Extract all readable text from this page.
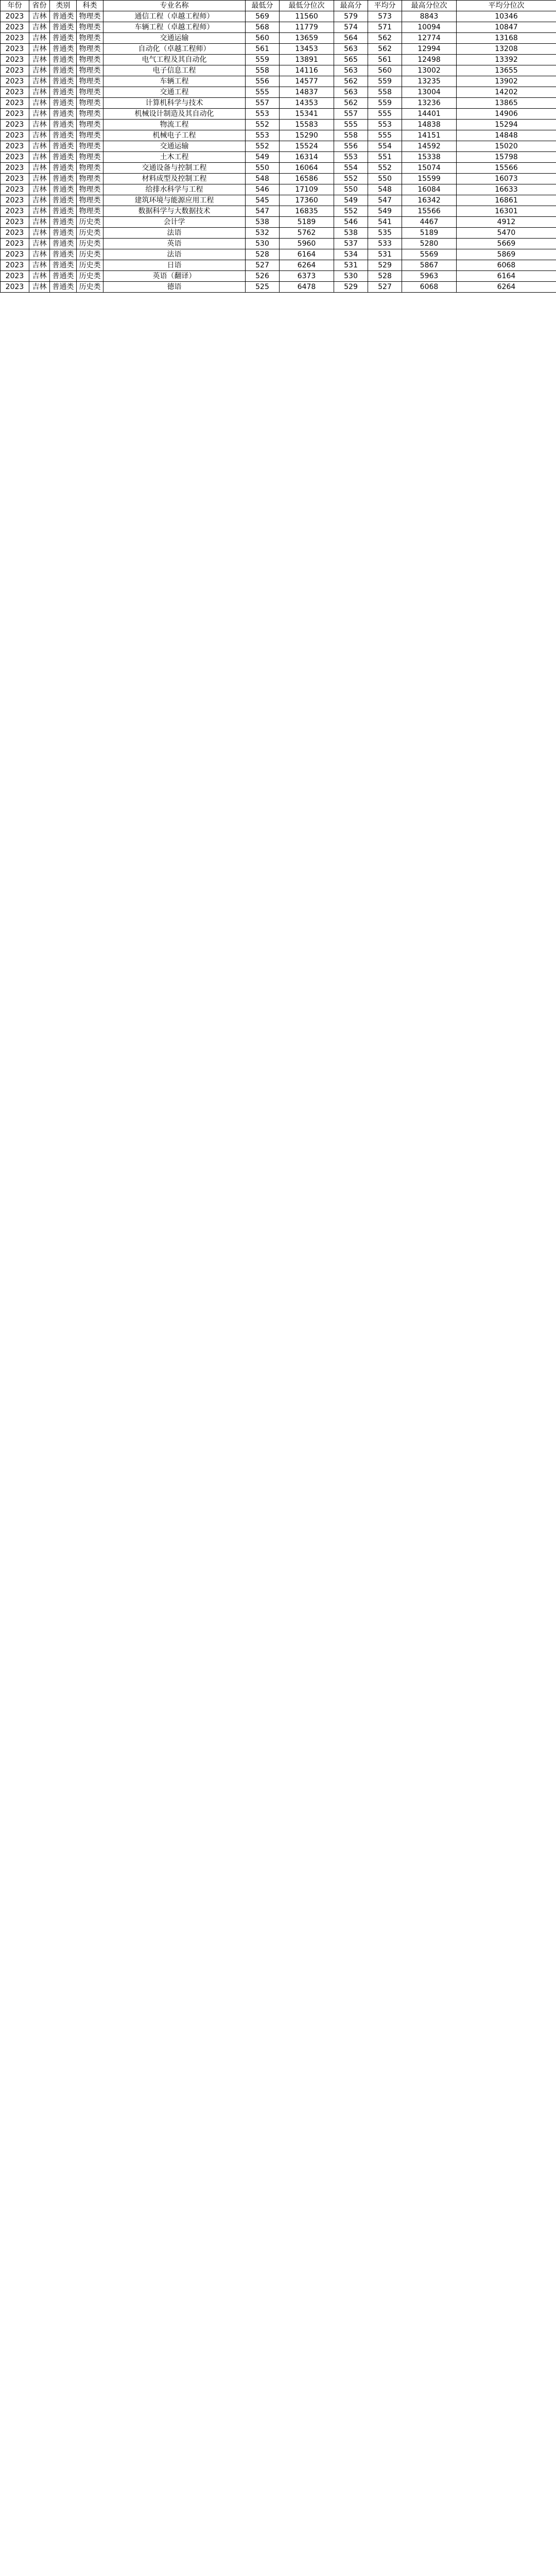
年份	省份	类别	科类	专业名称	最低分	最低分位次	最高分	平均分	最高分位次	平均分位次
2023	吉林	普通类	物理类	通信工程（卓越工程师）	569	11560	579	573	8843	10346
2023	吉林	普通类	物理类	车辆工程（卓越工程师）	568	11779	574	571	10094	10847
2023	吉林	普通类	物理类	交通运输	560	13659	564	562	12774	13168
2023	吉林	普通类	物理类	自动化（卓越工程师）	561	13453	563	562	12994	13208
2023	吉林	普通类	物理类	电气工程及其自动化	559	13891	565	561	12498	13392
2023	吉林	普通类	物理类	电子信息工程	558	14116	563	560	13002	13655
2023	吉林	普通类	物理类	车辆工程	556	14577	562	559	13235	13902
2023	吉林	普通类	物理类	交通工程	555	14837	563	558	13004	14202
2023	吉林	普通类	物理类	计算机科学与技术	557	14353	562	559	13236	13865
2023	吉林	普通类	物理类	机械设计制造及其自动化	553	15341	557	555	14401	14906
2023	吉林	普通类	物理类	物流工程	552	15583	555	553	14838	15294
2023	吉林	普通类	物理类	机械电子工程	553	15290	558	555	14151	14848
2023	吉林	普通类	物理类	交通运输	552	15524	556	554	14592	15020
2023	吉林	普通类	物理类	土木工程	549	16314	553	551	15338	15798
2023	吉林	普通类	物理类	交通设备与控制工程	550	16064	554	552	15074	15566
2023	吉林	普通类	物理类	材料成型及控制工程	548	16586	552	550	15599	16073
2023	吉林	普通类	物理类	给排水科学与工程	546	17109	550	548	16084	16633
2023	吉林	普通类	物理类	建筑环境与能源应用工程	545	17360	549	547	16342	16861
2023	吉林	普通类	物理类	数据科学与大数据技术	547	16835	552	549	15566	16301
2023	吉林	普通类	历史类	会计学	538	5189	546	541	4467	4912
2023	吉林	普通类	历史类	法语	532	5762	538	535	5189	5470
2023	吉林	普通类	历史类	英语	530	5960	537	533	5280	5669
2023	吉林	普通类	历史类	法语	528	6164	534	531	5569	5869
2023	吉林	普通类	历史类	日语	527	6264	531	529	5867	6068
2023	吉林	普通类	历史类	英语（翻译）	526	6373	530	528	5963	6164
2023	吉林	普通类	历史类	德语	525	6478	529	527	6068	6264
